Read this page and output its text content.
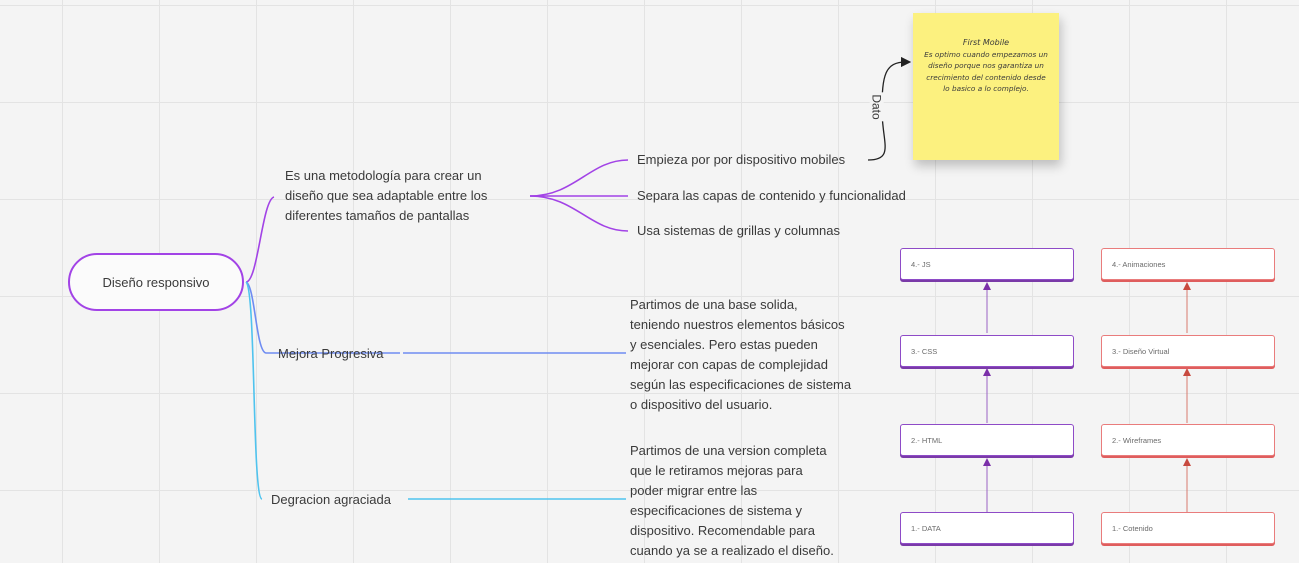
Diseño responsivo
Es una metodología para crear un
diseño que sea adaptable entre los
diferentes tamaños de pantallas
Empieza por por dispositivo mobiles
Separa las capas de contenido y funcionalidad
Usa sistemas de grillas y columnas
Dato
First Mobile
Es optimo cuando empezamos un diseño porque nos garantiza un crecimiento del contenido desde lo basico a lo complejo.
Mejora Progresiva
Partimos de una base solida,
teniendo nuestros elementos básicos
y esenciales. Pero estas pueden
mejorar con capas de complejidad
según las especificaciones de sistema
o dispositivo del usuario.
Degracion agraciada
Partimos de una version completa
que le retiramos mejoras para
poder migrar entre las
especificaciones de sistema y
dispositivo. Recomendable para
cuando ya se a realizado el diseño.
1.- DATA
2.- HTML
3.- CSS
4.- JS
1.- Cotenido
2.- Wireframes
3.- Diseño Virtual
4.- Animaciones
